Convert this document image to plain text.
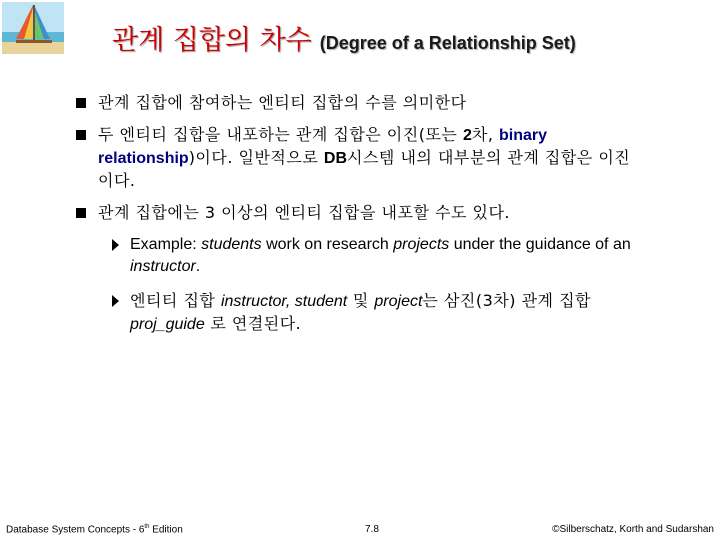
관계 집합의 차수 (Degree of a Relationship Set)
관계 집합에 참여하는 엔티티 집합의 수를 의미한다
두 엔티티 집합을 내포하는 관계 집합은 이진(또는 2차, binary relationship)이다. 일반적으로 DB시스템 내의 대부분의 관계 집합은 이진이다.
관계 집합에는 3 이상의 엔티티 집합을 내포할 수도 있다.
Example: students work on research projects under the guidance of an instructor.
엔티티 집합 instructor, student 및 project는 삼진(3차) 관계 집합 proj_guide 로 연결된다.
Database System Concepts - 6th Edition	7.8	©Silberschatz, Korth and Sudarshan
